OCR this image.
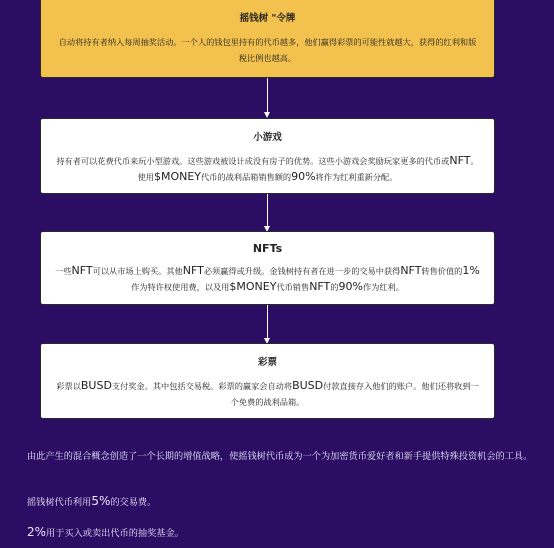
摇钱树 "令牌
自动将持有者纳入每周抽奖活动。一个人的钱包里持有的代币越多，他们赢得彩票的可能性就越大，获得的红利和版税比例也越高。
小游戏
持有者可以花费代币来玩小型游戏。这些游戏被设计成没有房子的优势。这些小游戏会奖励玩家更多的代币或NFT。使用$MONEY代币的战利品箱销售额的90%将作为红利重新分配。
NFTs
一些NFT可以从市场上购买。其他NFT必须赢得或升级。金钱树持有者在进一步的交易中获得NFT转售价值的1%作为特许权使用费，以及用$MONEY代币销售NFT的90%作为红利。
彩票
彩票以BUSD支付奖金。其中包括交易税。彩票的赢家会自动将BUSD付款直接存入他们的账户。他们还将收到一个免费的战利品箱。
由此产生的混合概念创造了一个长期的增值战略，使摇钱树代币成为一个为加密货币爱好者和新手提供特殊投资机会的工具。
摇钱树代币利用5%的交易费。
2%用于买入或卖出代币的抽奖基金。
